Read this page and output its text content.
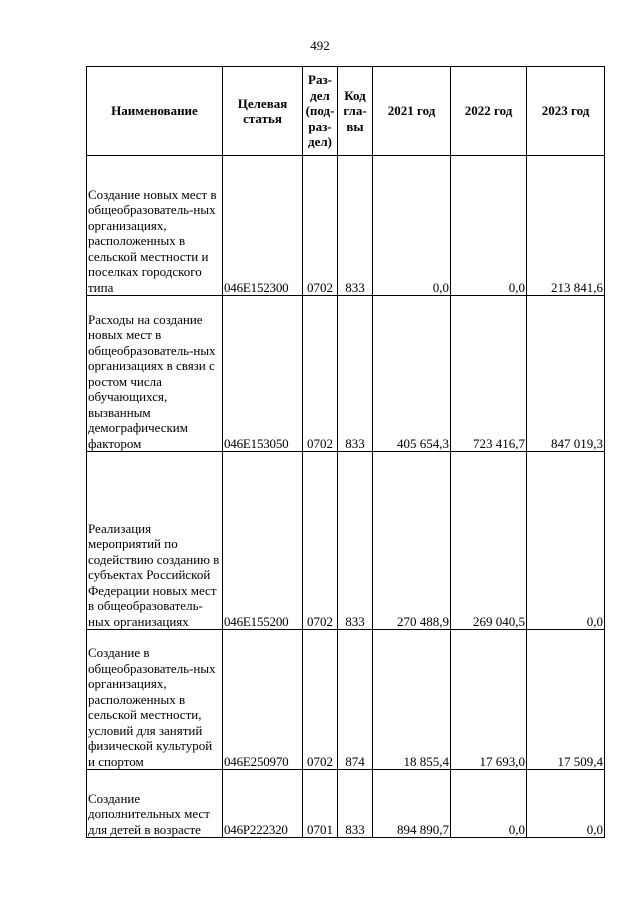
492
Наименование	Целевая статья	Раз-дел (под-раз-дел)	Код гла-вы	2021 год	2022 год	2023 год
Создание новых мест в общеобразователь-ных организациях, расположенных в сельской местности и поселках городского типа	046E152300	0702	833	0,0	0,0	213 841,6
Расходы на создание новых мест в общеобразователь-ных организациях в связи с ростом числа обучающихся, вызванным демографическим фактором	046E153050	0702	833	405 654,3	723 416,7	847 019,3
Реализация мероприятий по содействию созданию в субъектах Российской Федерации новых мест в общеобразователь-ных организациях	046E155200	0702	833	270 488,9	269 040,5	0,0
Создание в общеобразователь-ных организациях, расположенных в сельской местности, условий для занятий физической культурой и спортом	046E250970	0702	874	18 855,4	17 693,0	17 509,4
Создание дополнительных мест для детей в возрасте	046P222320	0701	833	894 890,7	0,0	0,0
